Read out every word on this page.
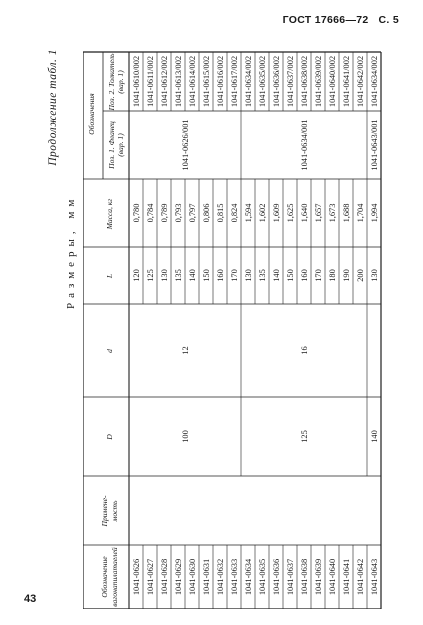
ГОСТ 17666—72 С. 5
Продолжение табл. 1
Размеры, мм
Обозначение вагонапилатаелей
Примене- мость
D
d
L
Масса, кг
Обозначения
Поз. 1. Фланец (вар. 1)
Поз. 2. Толкатель (вар. 1)
1041-0626
120
0,780
1041-0610/002
1041-0627
125
0,784
1041-0611/002
1041-0628
130
0,789
1041-0612/002
1041-0629
135
0,793
1041-0613/002
1041-0630
140
0,797
1041-0614/002
1041-0631
150
0,806
1041-0615/002
1041-0632
160
0,815
1041-0616/002
1041-0633
170
0,824
1041-0617/002
1041-0634
130
1,594
1041-0634/002
1041-0635
135
1,602
1041-0635/002
1041-0636
140
1,609
1041-0636/002
1041-0637
150
1,625
1041-0637/002
1041-0638
160
1,640
1041-0638/002
1041-0639
170
1,657
1041-0639/002
1041-0640
180
1,673
1041-0640/002
1041-0641
190
1,688
1041-0641/002
1041-0642
200
1,704
1041-0642/002
1041-0643
130
1,994
1041-0634/002
100
12
125
16
140
1041-0626/001	1041-0634/001	1041-0643/001
43
